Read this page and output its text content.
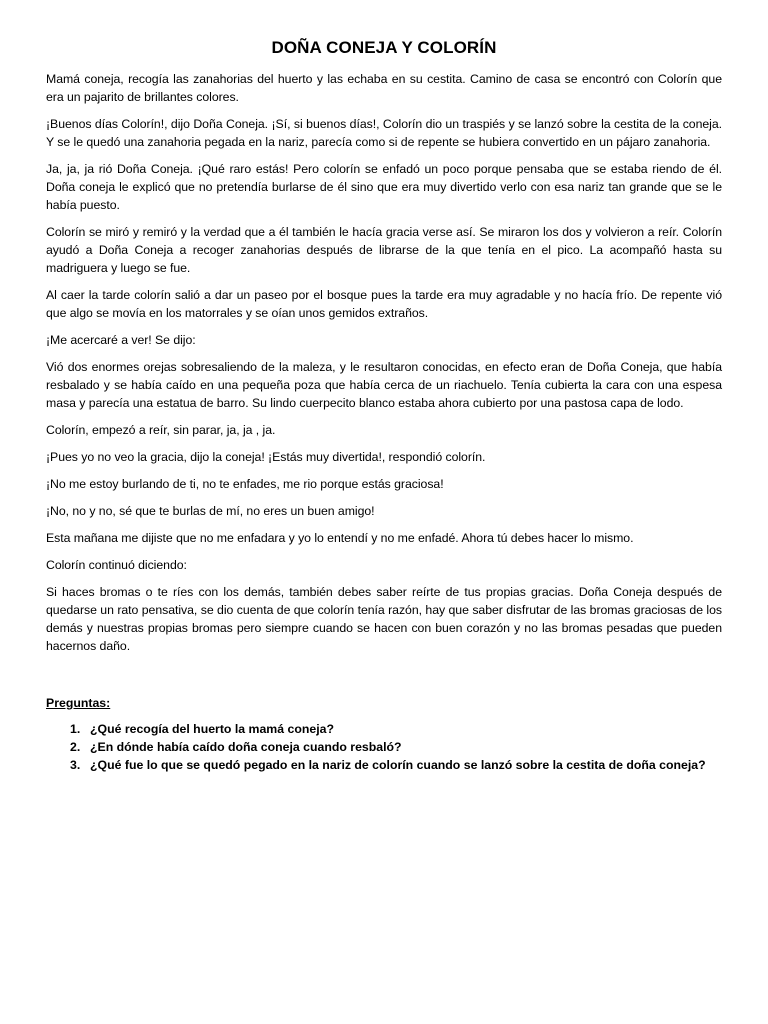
DOÑA CONEJA Y COLORÍN

Mamá coneja, recogía las zanahorias del huerto y las echaba en su cestita. Camino de casa se encontró con Colorín que era un pajarito de brillantes colores.

¡Buenos días Colorín!, dijo Doña Coneja. ¡Sí, si buenos días!, Colorín dio un traspiés y se lanzó sobre la cestita de la coneja. Y se le quedó una zanahoria pegada en la nariz, parecía como si de repente se hubiera convertido en un pájaro zanahoria.

Ja, ja, ja rió Doña Coneja. ¡Qué raro estás! Pero colorín se enfadó un poco porque pensaba que se estaba riendo de él. Doña coneja le explicó que no pretendía burlarse de él sino que era muy divertido verlo con esa nariz tan grande que se le había puesto.

Colorín se miró y remiró y la verdad que a él también le hacía gracia verse así. Se miraron los dos y volvieron a reír. Colorín ayudó a Doña Coneja a recoger zanahorias después de librarse de la que tenía en el pico. La acompañó hasta su madriguera y luego se fue.

Al caer la tarde colorín salió a dar un paseo por el bosque pues la tarde era muy agradable y no hacía frío. De repente vió que algo se movía en los matorrales y se oían unos gemidos extraños.

¡Me acercaré a ver! Se dijo:

Vió dos enormes orejas sobresaliendo de la maleza, y le resultaron conocidas, en efecto eran de Doña Coneja, que había resbalado y se había caído en una pequeña poza que había cerca de un riachuelo. Tenía cubierta la cara con una espesa masa y parecía una estatua de barro. Su lindo cuerpecito blanco estaba ahora cubierto por una pastosa capa de lodo.

Colorín, empezó a reír, sin parar, ja, ja , ja.

¡Pues yo no veo la gracia, dijo la coneja! ¡Estás muy divertida!, respondió colorín.

¡No me estoy burlando de ti, no te enfades, me rio porque estás graciosa!

¡No, no y no, sé que te burlas de mí, no eres un buen amigo!

Esta mañana me dijiste que no me enfadara y yo lo entendí y no me enfadé. Ahora tú debes hacer lo mismo.

Colorín continuó diciendo:

Si haces bromas o te ríes con los demás, también debes saber reírte de tus propias gracias. Doña Coneja después de quedarse un rato pensativa, se dio cuenta de que colorín tenía razón, hay que saber disfrutar de las bromas graciosas de los demás y nuestras propias bromas pero siempre cuando se hacen con buen corazón y no las bromas pesadas que pueden hacernos daño.

Preguntas:
1. ¿Qué recogía del huerto la mamá coneja?
2. ¿En dónde había caído doña coneja cuando resbaló?
3. ¿Qué fue lo que se quedó pegado en la nariz de colorín cuando se lanzó sobre la cestita de doña coneja?
